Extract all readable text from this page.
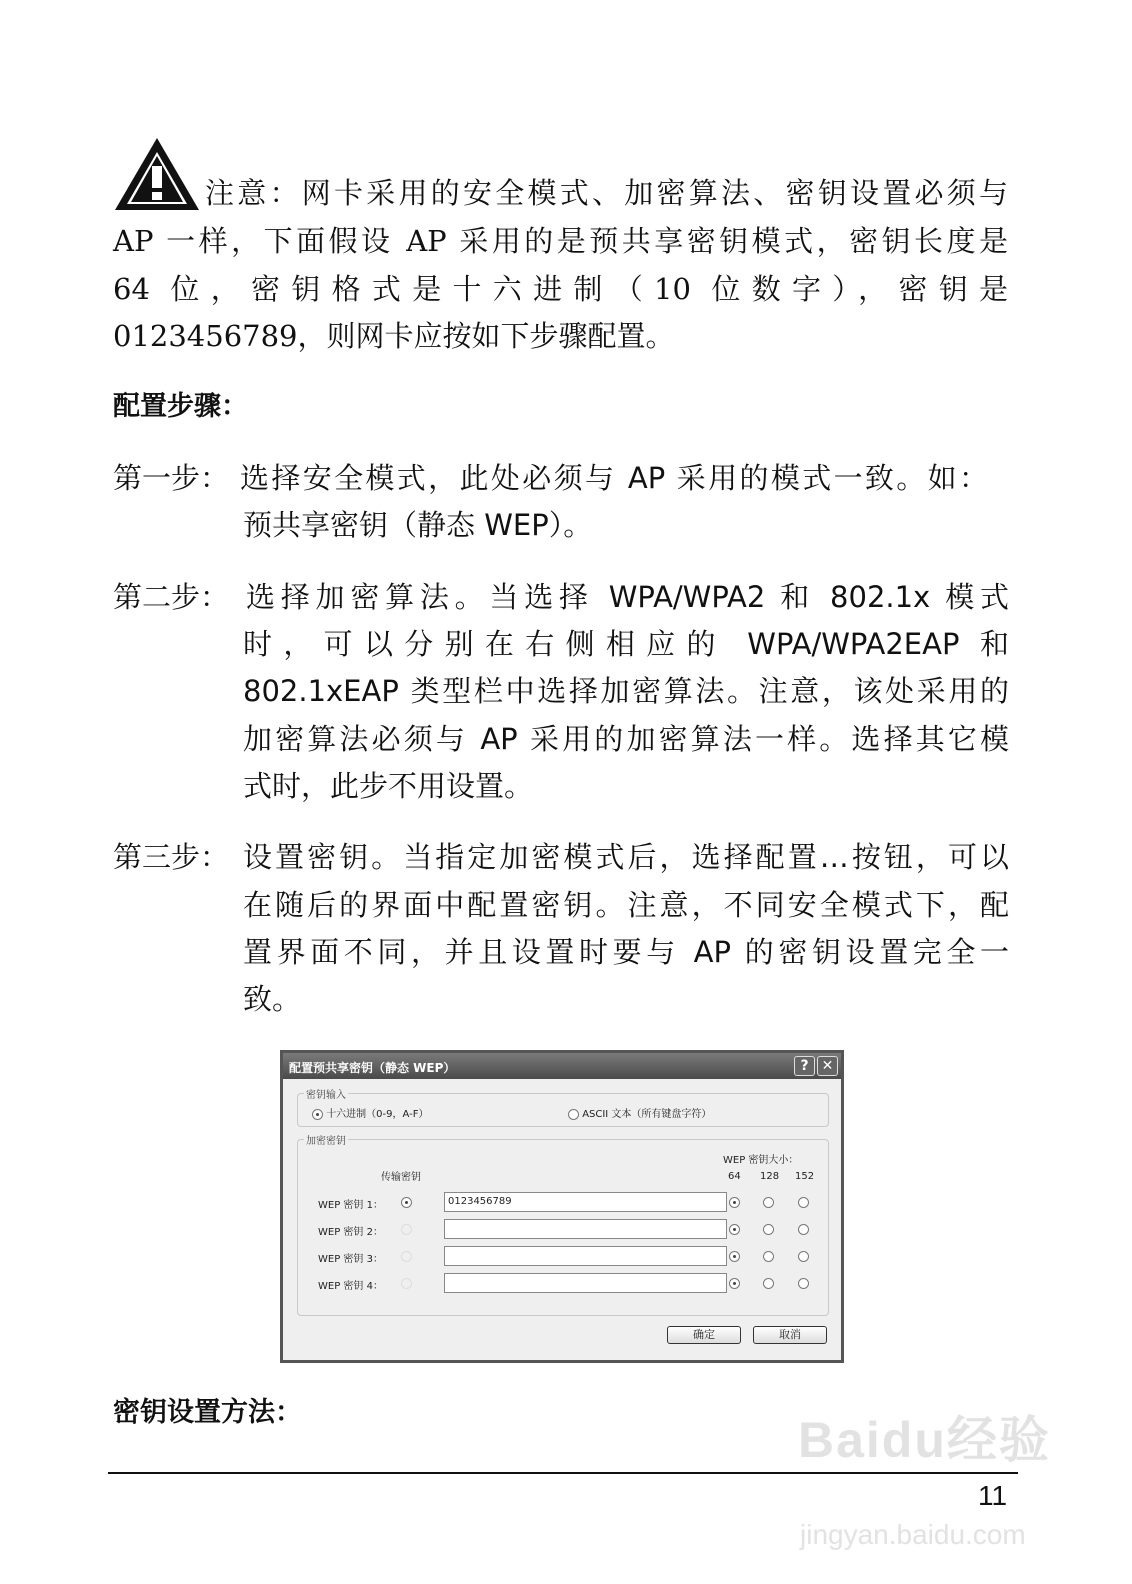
注意：网卡采用的安全模式、加密算法、密钥设置必须与
AP 一样，下面假设 AP 采用的是预共享密钥模式，密钥长度是
64 位，密钥格式是十六进制（10 位数字），密钥是
0123456789，则网卡应按如下步骤配置。
配置步骤：
第一步： 选择安全模式，此处必须与 AP 采用的模式一致。如：
预共享密钥（静态 WEP）。
第二步： 选择加密算法。当选择 WPA/WPA2 和 802.1x 模式
时，可以分别在右侧相应的 WPA/WPA2EAP 和
802.1xEAP 类型栏中选择加密算法。注意，该处采用的
加密算法必须与 AP 采用的加密算法一样。选择其它模
式时，此步不用设置。
第三步： 设置密钥。当指定加密模式后，选择配置…按钮，可以
在随后的界面中配置密钥。注意，不同安全模式下，配
置界面不同，并且设置时要与 AP 的密钥设置完全一
致。
配置预共享密钥（静态 WEP）	? ✕
密钥输入
十六进制（0-9，A-F）	ASCII 文本（所有键盘字符）
加密密钥
传输密钥
WEP 密钥大小：
64 128 152
WEP 密钥 1：	0123456789
WEP 密钥 2：
WEP 密钥 3：
WEP 密钥 4：
确定	取消
密钥设置方法：	Baidu经验
jingyan.baidu.com
11
